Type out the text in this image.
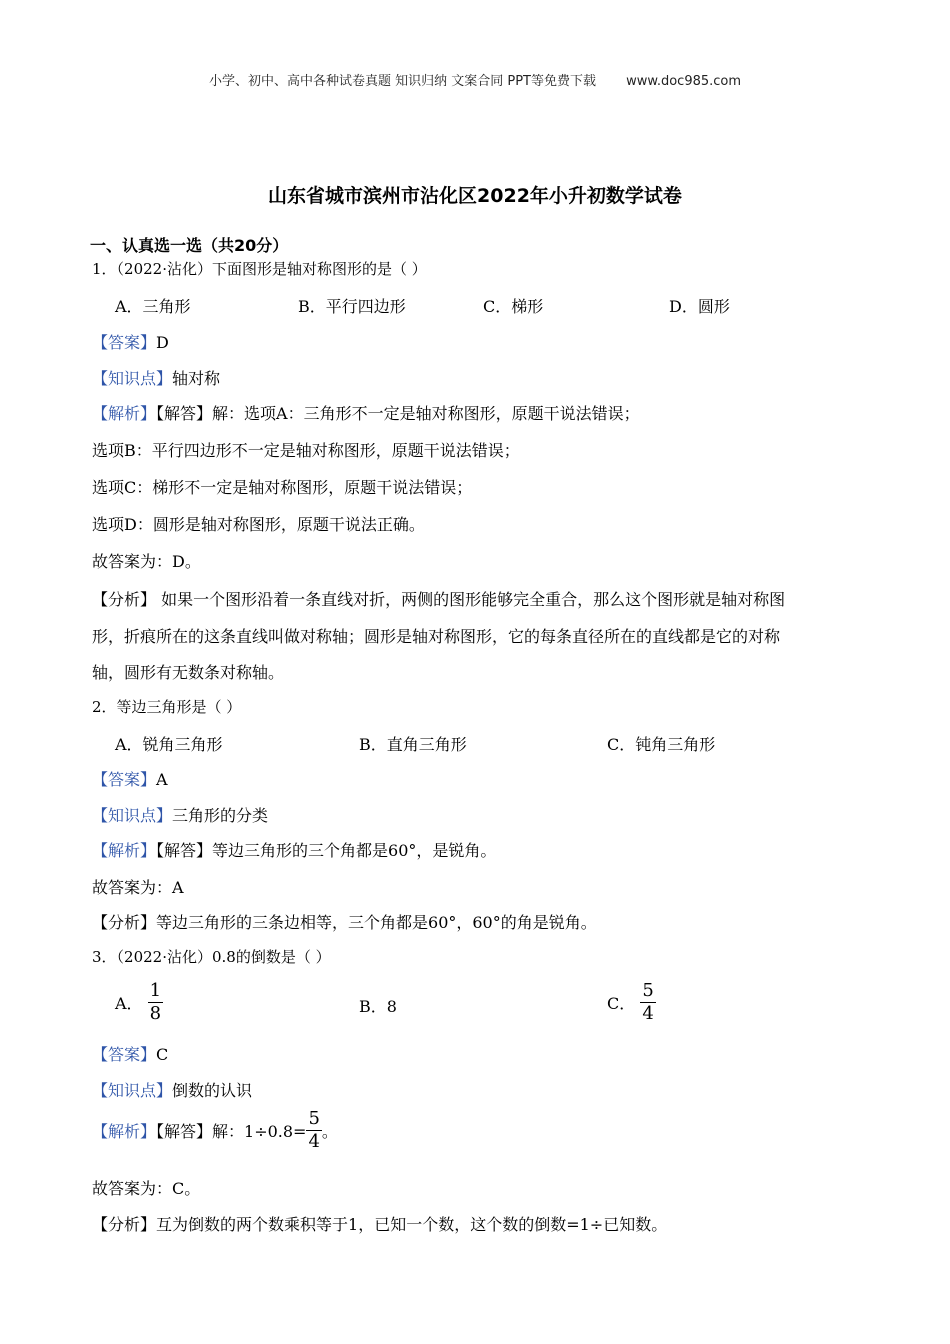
小学、初中、高中各种试卷真题 知识归纳 文案合同 PPT等免费下载 www.doc985.com
山东省城市滨州市沾化区2022年小升初数学试卷
一、认真选一选（共20分）
1．（2022·沾化）下面图形是轴对称图形的是（ ）
A．三角形	B．平行四边形	C．梯形	D．圆形
【答案】D
【知识点】轴对称
【解析】【解答】解：选项A：三角形不一定是轴对称图形，原题干说法错误；
选项B：平行四边形不一定是轴对称图形，原题干说法错误；
选项C：梯形不一定是轴对称图形，原题干说法错误；
选项D：圆形是轴对称图形，原题干说法正确。
故答案为：D。
【分析】 如果一个图形沿着一条直线对折，两侧的图形能够完全重合，那么这个图形就是轴对称图
形，折痕所在的这条直线叫做对称轴；圆形是轴对称图形，它的每条直径所在的直线都是它的对称
轴，圆形有无数条对称轴。
2．等边三角形是（ ）
A．锐角三角形	B．直角三角形	C．钝角三角形
【答案】A
【知识点】三角形的分类
【解析】【解答】等边三角形的三个角都是60°，是锐角。
故答案为：A
【分析】等边三角形的三条边相等，三个角都是60°，60°的角是锐角。
3．（2022·沾化）0.8的倒数是（ ）
A． $\frac{1}{8}$	B．8	C． $\frac{5}{4}$
【答案】C
【知识点】倒数的认识
【解析】【解答】解：$1\div 0.8= \frac{5}{4}$ 。
故答案为：C。
【分析】互为倒数的两个数乘积等于1，已知一个数，这个数的倒数=1÷已知数。
